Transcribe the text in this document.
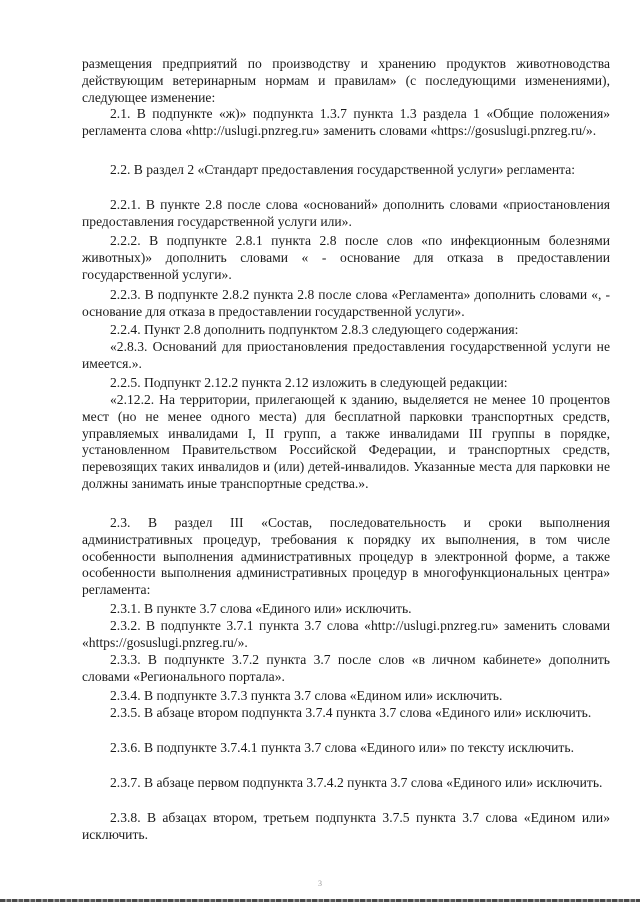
размещения предприятий по производству и хранению продуктов животноводства действующим ветеринарным нормам и правилам» (с последующими изменениями), следующее изменение:

2.1. В подпункте «ж)» подпункта 1.3.7 пункта 1.3 раздела 1 «Общие положения» регламента слова «http://uslugi.pnzreg.ru» заменить словами «https://gosuslugi.pnzreg.ru/».

2.2. В раздел 2 «Стандарт предоставления государственной услуги» регламента:

2.2.1. В пункте 2.8 после слова «оснований» дополнить словами «приостановления предоставления государственной услуги или».

2.2.2. В подпункте 2.8.1 пункта 2.8 после слов «по инфекционным болезнями животных)» дополнить словами « - основание для отказа в предоставлении государственной услуги».

2.2.3. В подпункте 2.8.2 пункта 2.8 после слова «Регламента» дополнить словами «, - основание для отказа в предоставлении государственной услуги».

2.2.4. Пункт 2.8 дополнить подпунктом 2.8.3 следующего содержания:

«2.8.3. Оснований для приостановления предоставления государственной услуги не имеется.».

2.2.5. Подпункт 2.12.2 пункта 2.12 изложить в следующей редакции:

«2.12.2. На территории, прилегающей к зданию, выделяется не менее 10 процентов мест (но не менее одного места) для бесплатной парковки транспортных средств, управляемых инвалидами I, II групп, а также инвалидами III группы в порядке, установленном Правительством Российской Федерации, и транспортных средств, перевозящих таких инвалидов и (или) детей-инвалидов. Указанные места для парковки не должны занимать иные транспортные средства.».

2.3. В раздел III «Состав, последовательность и сроки выполнения административных процедур, требования к порядку их выполнения, в том числе особенности выполнения административных процедур в электронной форме, а также особенности выполнения административных процедур в многофункциональных центра» регламента:

2.3.1. В пункте 3.7 слова «Единого или» исключить.

2.3.2. В подпункте 3.7.1 пункта 3.7 слова «http://uslugi.pnzreg.ru» заменить словами «https://gosuslugi.pnzreg.ru/».

2.3.3. В подпункте 3.7.2 пункта 3.7 после слов «в личном кабинете» дополнить словами «Регионального портала».

2.3.4. В подпункте 3.7.3 пункта 3.7 слова «Едином или» исключить.

2.3.5. В абзаце втором подпункта 3.7.4 пункта 3.7 слова «Единого или» исключить.

2.3.6. В подпункте 3.7.4.1 пункта 3.7 слова «Единого или» по тексту исключить.

2.3.7. В абзаце первом подпункта 3.7.4.2 пункта 3.7 слова «Единого или» исключить.

2.3.8. В абзацах втором, третьем подпункта 3.7.5 пункта 3.7 слова «Едином или» исключить.

3
